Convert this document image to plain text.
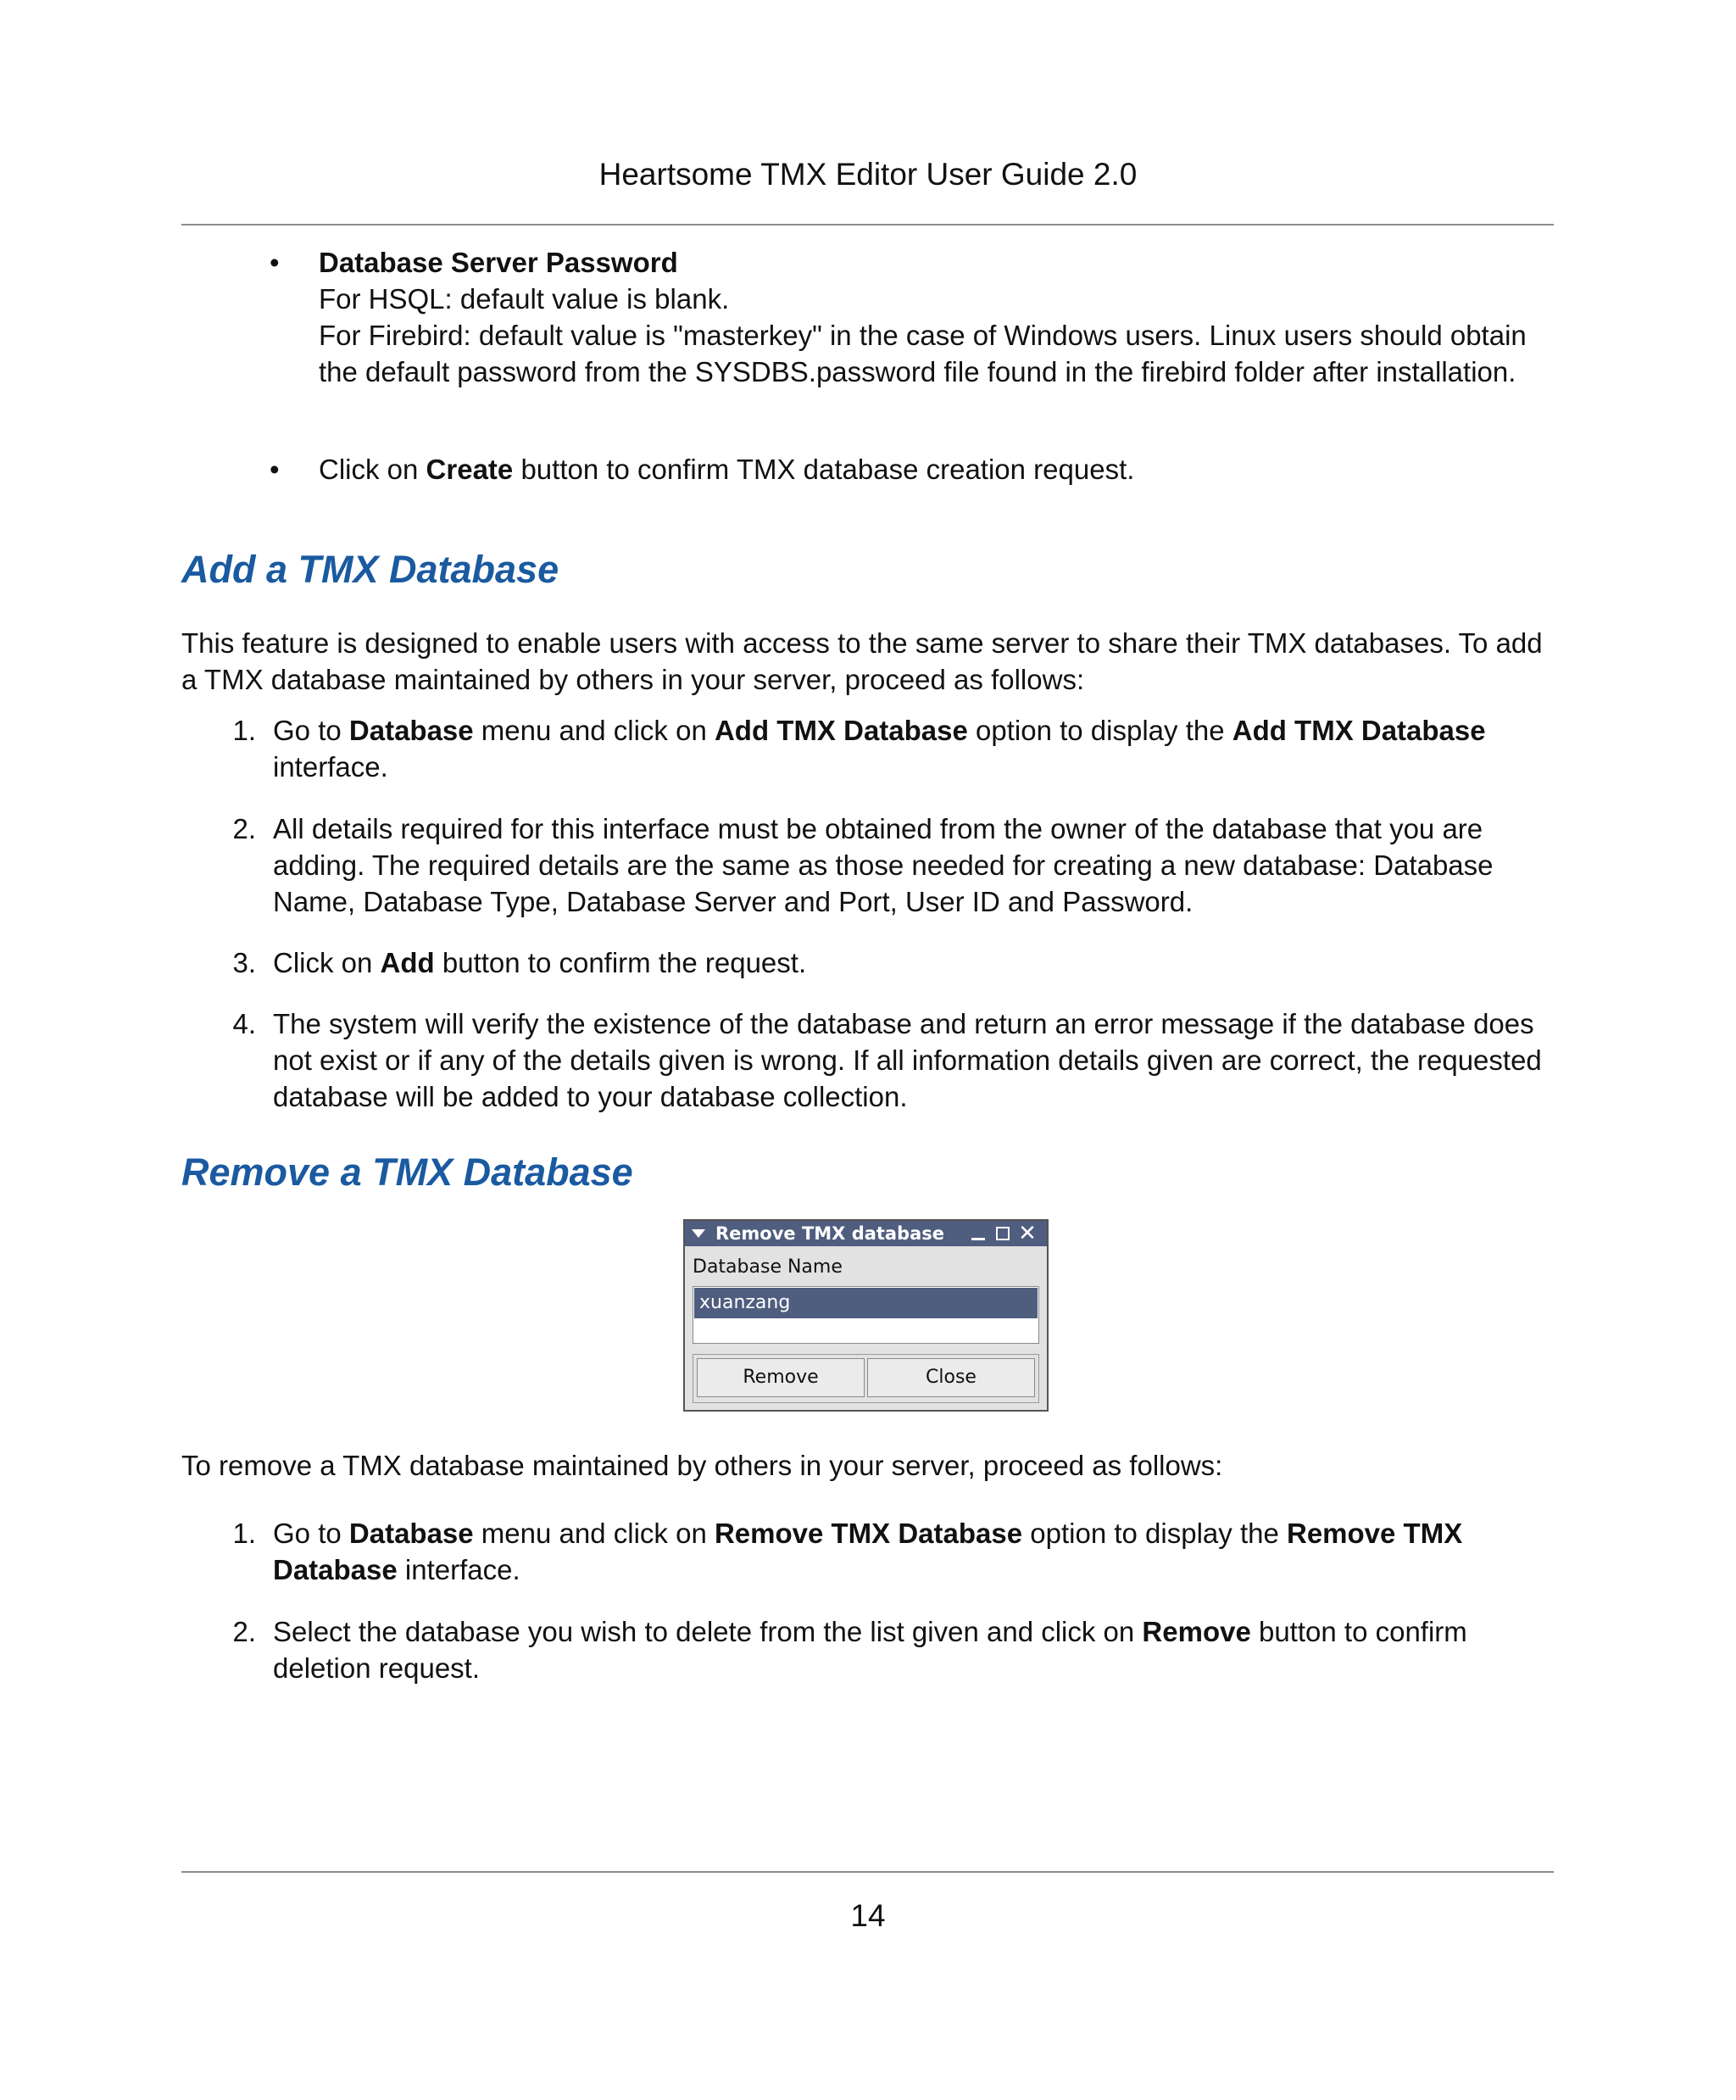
Heartsome TMX Editor User Guide 2.0
• Database Server Password
For HSQL: default value is blank.
For Firebird: default value is "masterkey" in the case of Windows users. Linux users should obtain the default password from the SYSDBS.password file found in the firebird folder after installation.
• Click on Create button to confirm TMX database creation request.
Add a TMX Database

This feature is designed to enable users with access to the same server to share their TMX databases. To add a TMX database maintained by others in your server, proceed as follows:

1. Go to Database menu and click on Add TMX Database option to display the Add TMX Database interface.

2. All details required for this interface must be obtained from the owner of the database that you are adding. The required details are the same as those needed for creating a new database: Database Name, Database Type, Database Server and Port, User ID and Password.

3. Click on Add button to confirm the request.

4. The system will verify the existence of the database and return an error message if the database does not exist or if any of the details given is wrong. If all information details given are correct, the requested database will be added to your database collection.

Remove a TMX Database
Remove TMX database	✕
Database Name
xuanzang
Remove	Close

To remove a TMX database maintained by others in your server, proceed as follows:

1. Go to Database menu and click on Remove TMX Database option to display the Remove TMX Database interface.

2. Select the database you wish to delete from the list given and click on Remove button to confirm deletion request.

14
